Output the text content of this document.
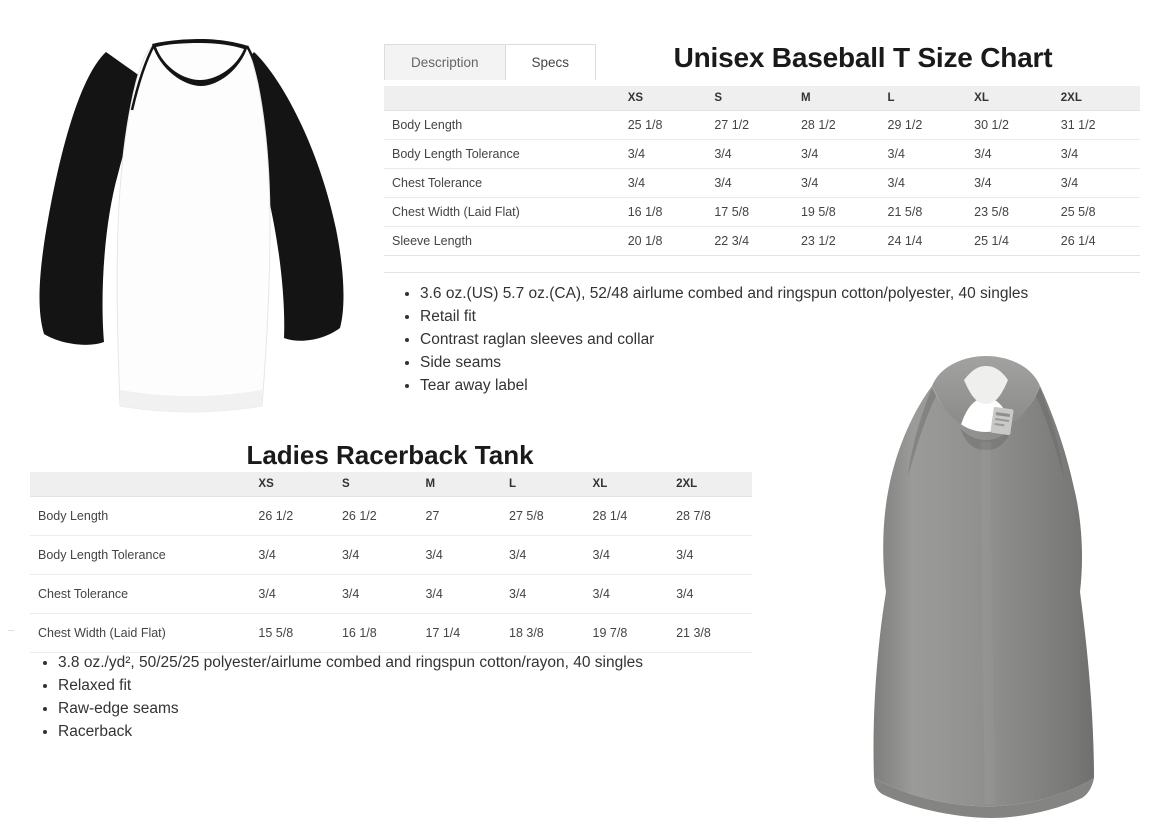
Description	Specs	Unisex Baseball T Size Chart
	XS	S	M	L	XL	2XL
Body Length	25 1/8	27 1/2	28 1/2	29 1/2	30 1/2	31 1/2
Body Length Tolerance	3/4	3/4	3/4	3/4	3/4	3/4
Chest Tolerance	3/4	3/4	3/4	3/4	3/4	3/4
Chest Width (Laid Flat)	16 1/8	17 5/8	19 5/8	21 5/8	23 5/8	25 5/8
Sleeve Length	20 1/8	22 3/4	23 1/2	24 1/4	25 1/4	26 1/4
• 3.6 oz.(US) 5.7 oz.(CA), 52/48 airlume combed and ringspun cotton/polyester, 40 singles
• Retail fit
• Contrast raglan sleeves and collar
• Side seams
• Tear away label
Ladies Racerback Tank
	XS	S	M	L	XL	2XL
Body Length	26 1/2	26 1/2	27	27 5/8	28 1/4	28 7/8
Body Length Tolerance	3/4	3/4	3/4	3/4	3/4	3/4
Chest Tolerance	3/4	3/4	3/4	3/4	3/4	3/4
Chest Width (Laid Flat)	15 5/8	16 1/8	17 1/4	18 3/8	19 7/8	21 3/8
• 3.8 oz./yd², 50/25/25 polyester/airlume combed and ringspun cotton/rayon, 40 singles
• Relaxed fit
• Raw-edge seams
• Racerback
